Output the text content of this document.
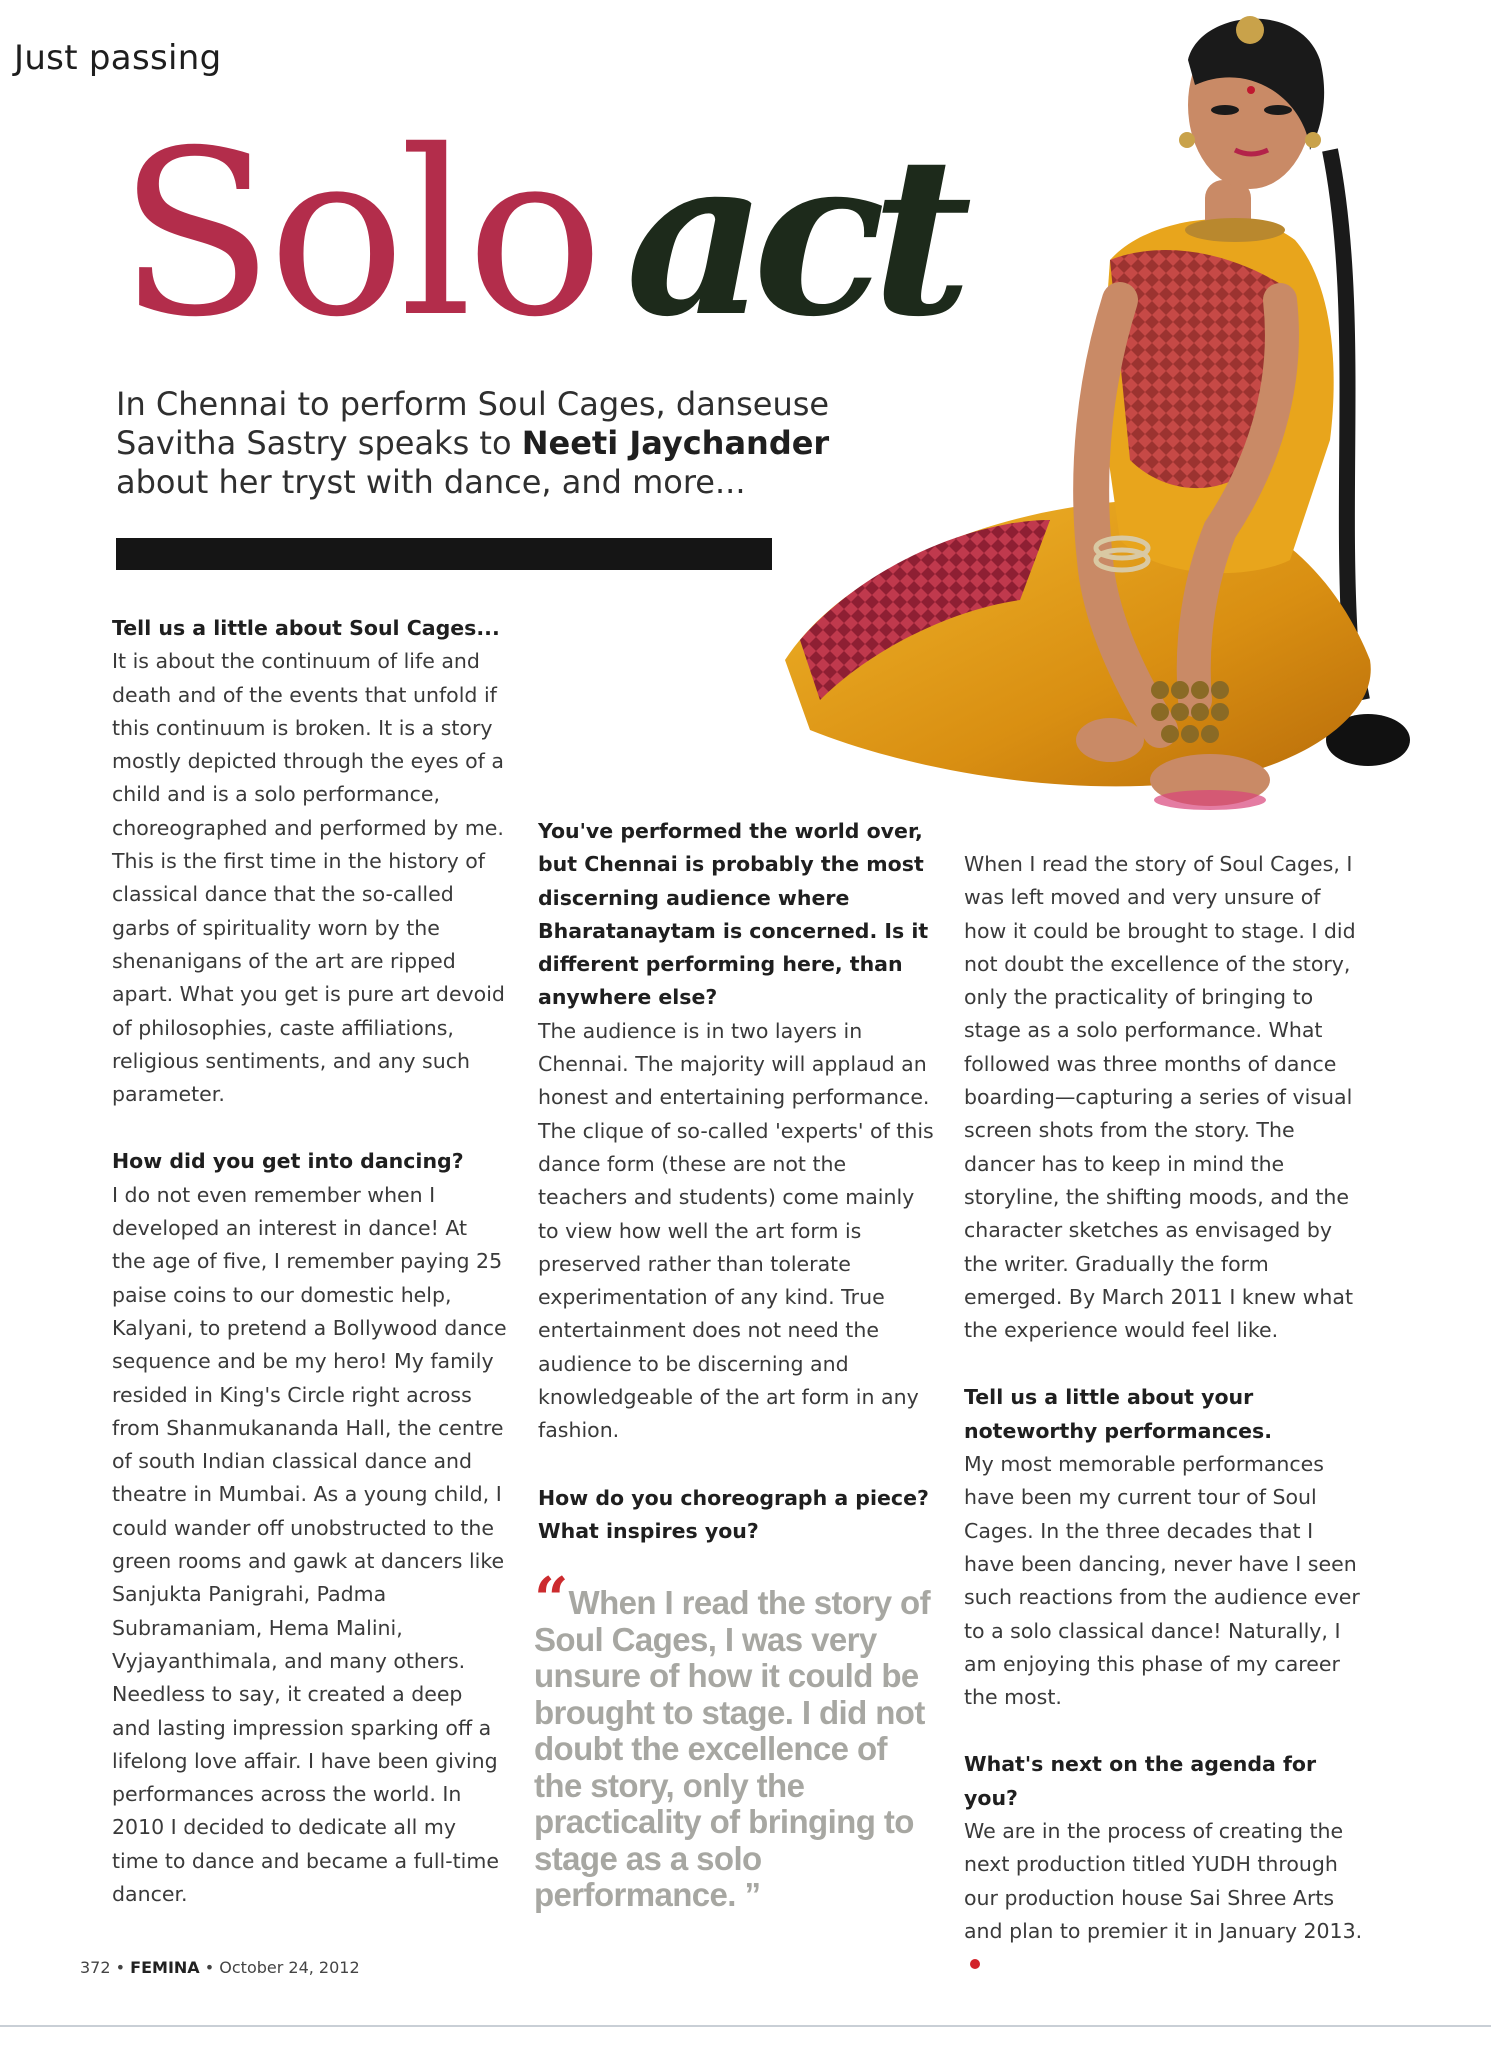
Just passing
Solo act
In Chennai to perform Soul Cages, danseuse Savitha Sastry speaks to Neeti Jaychander about her tryst with dance, and more...

Tell us a little about Soul Cages...

It is about the continuum of life and death and of the events that unfold if this continuum is broken. It is a story mostly depicted through the eyes of a child and is a solo performance, choreographed and performed by me. This is the first time in the history of classical dance that the so-called garbs of spirituality worn by the shenanigans of the art are ripped apart. What you get is pure art devoid of philosophies, caste affiliations, religious sentiments, and any such parameter.

How did you get into dancing?

I do not even remember when I developed an interest in dance! At the age of five, I remember paying 25 paise coins to our domestic help, Kalyani, to pretend a Bollywood dance sequence and be my hero! My family resided in King's Circle right across from Shanmukananda Hall, the centre of south Indian classical dance and theatre in Mumbai. As a young child, I could wander off unobstructed to the green rooms and gawk at dancers like Sanjukta Panigrahi, Padma Subramaniam, Hema Malini, Vyjayanthimala, and many others. Needless to say, it created a deep and lasting impression sparking off a lifelong love affair. I have been giving performances across the world. In 2010 I decided to dedicate all my time to dance and became a full-time dancer.

You've performed the world over, but Chennai is probably the most discerning audience where Bharatanaytam is concerned. Is it different performing here, than anywhere else?

The audience is in two layers in Chennai. The majority will applaud an honest and entertaining performance. The clique of so-called 'experts' of this dance form (these are not the teachers and students) come mainly to view how well the art form is preserved rather than tolerate experimentation of any kind. True entertainment does not need the audience to be discerning and knowledgeable of the art form in any fashion.

How do you choreograph a piece? What inspires you?

“ When I read the story of Soul Cages, I was very unsure of how it could be brought to stage. I did not doubt the excellence of the story, only the practicality of bringing to stage as a solo performance. ”

When I read the story of Soul Cages, I was left moved and very unsure of how it could be brought to stage. I did not doubt the excellence of the story, only the practicality of bringing to stage as a solo performance. What followed was three months of dance boarding—capturing a series of visual screen shots from the story. The dancer has to keep in mind the storyline, the shifting moods, and the character sketches as envisaged by the writer. Gradually the form emerged. By March 2011 I knew what the experience would feel like.

Tell us a little about your noteworthy performances.

My most memorable performances have been my current tour of Soul Cages. In the three decades that I have been dancing, never have I seen such reactions from the audience ever to a solo classical dance! Naturally, I am enjoying this phase of my career the most.

What's next on the agenda for you?

We are in the process of creating the next production titled YUDH through our production house Sai Shree Arts and plan to premier it in January 2013.

372 • FEMINA • October 24, 2012
